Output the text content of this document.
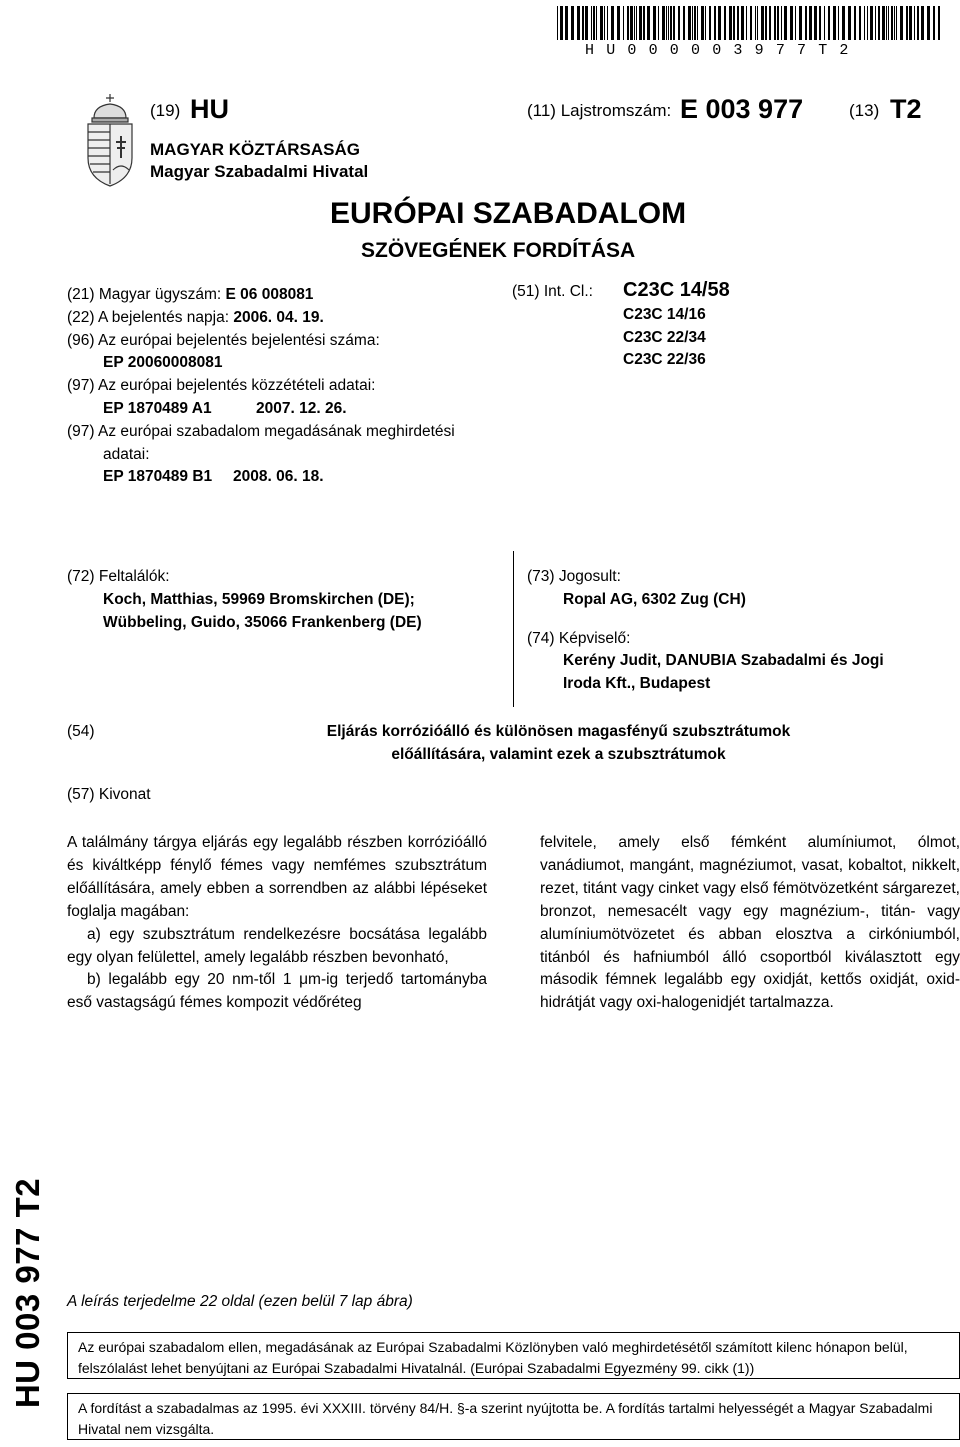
HU000003977T2
(19) HU	(11) Lajstromszám: E 003 977	(13) T2
MAGYAR KÖZTÁRSASÁG
Magyar Szabadalmi Hivatal
EURÓPAI SZABADALOM
SZÖVEGÉNEK FORDÍTÁSA
(21) Magyar ügyszám: E 06 008081
(22) A bejelentés napja: 2006. 04. 19.
(96) Az európai bejelentés bejelentési száma:
EP 20060008081
(97) Az európai bejelentés közzétételi adatai:
EP 1870489 A1	2007. 12. 26.
(97) Az európai szabadalom megadásának meghirdetési
adatai:
EP 1870489 B1 2008. 06. 18.
(51) Int. Cl.: C23C 14/58
C23C 14/16
C23C 22/34
C23C 22/36
(72) Feltalálók:
Koch, Matthias, 59969 Bromskirchen (DE);
Wübbeling, Guido, 35066 Frankenberg (DE)
(73) Jogosult:
Ropal AG, 6302 Zug (CH)
(74) Képviselő:
Kerény Judit, DANUBIA Szabadalmi és Jogi
Iroda Kft., Budapest
(54)	Eljárás korrózióálló és különösen magasfényű szubsztrátumok
előállítására, valamint ezek a szubsztrátumok
(57) Kivonat

A találmány tárgya eljárás egy legalább részben korrózióálló és kiváltképp fénylő fémes vagy nemfémes szubsztrátum előállítására, amely ebben a sorrendben az alábbi lépéseket foglalja magában:

a) egy szubsztrátum rendelkezésre bocsátása legalább egy olyan felülettel, amely legalább részben bevonható,

b) legalább egy 20 nm-től 1 μm-ig terjedő tartományba eső vastagságú fémes kompozit védőréteg

felvitele, amely első fémként alumíniumot, ólmot, vanádiumot, mangánt, magnéziumot, vasat, kobaltot, nikkelt, rezet, titánt vagy cinket vagy első fémötvözetként sárgarezet, bronzot, nemesacélt vagy egy magnézium-, titán- vagy alumíniumötvözetet és abban elosztva a cirkóniumból, titánból és hafniumból álló csoportból kiválasztott egy második fémnek legalább egy oxidját, kettős oxidját, oxid-hidrátját vagy oxi-halogenidjét tartalmazza.

HU 003 977 T2 A leírás terjedelme 22 oldal (ezen belül 7 lap ábra)
Az európai szabadalom ellen, megadásának az Európai Szabadalmi Közlönyben való meghirdetésétől számított kilenc hónapon belül, felszólalást lehet benyújtani az Európai Szabadalmi Hivatalnál. (Európai Szabadalmi Egyezmény 99. cikk (1))
A fordítást a szabadalmas az 1995. évi XXXIII. törvény 84/H. §-a szerint nyújtotta be. A fordítás tartalmi helyességét a Magyar Szabadalmi Hivatal nem vizsgálta.
